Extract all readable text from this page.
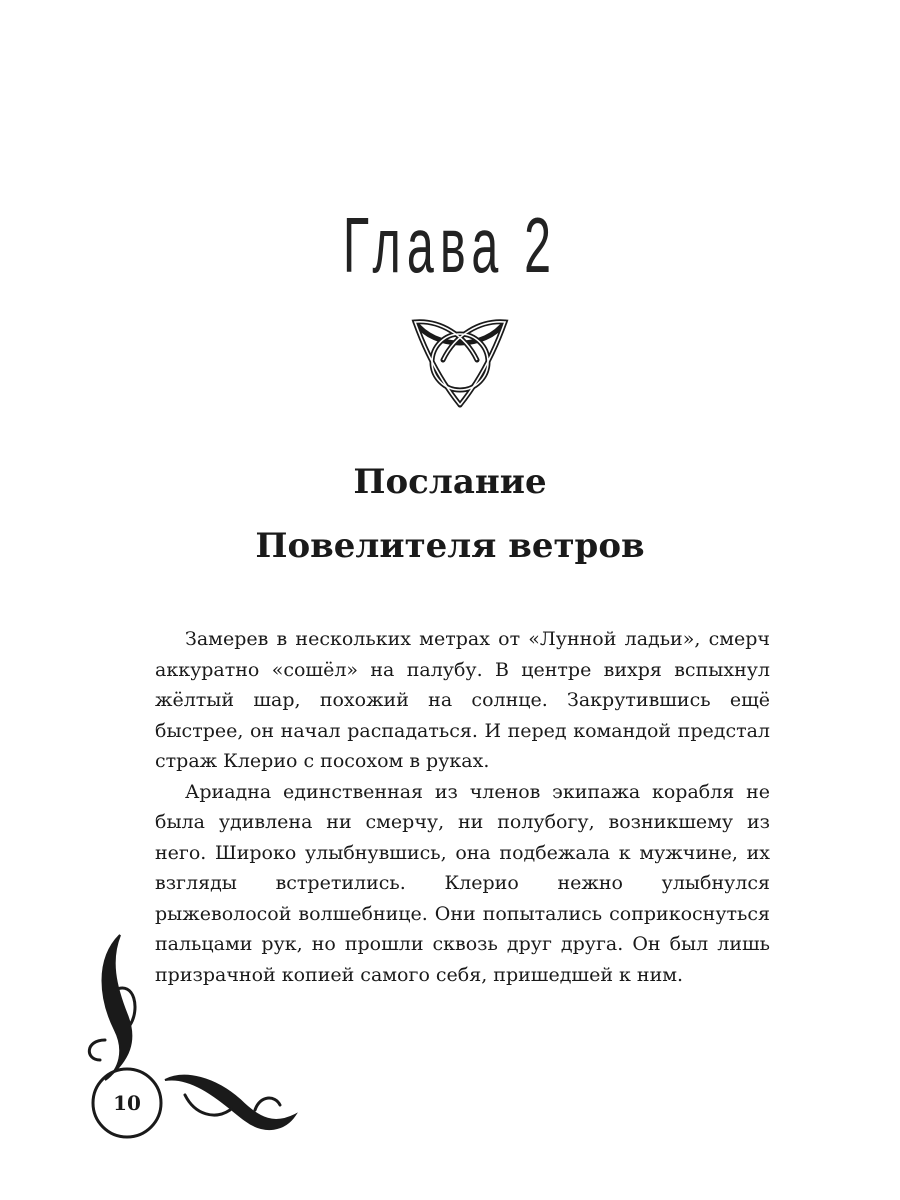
Глава 2
Послание
Повелителя ветров

Замерев в нескольких метрах от «Лунной ладьи», смерч аккуратно «сошёл» на палубу. В центре вихря вспыхнул жёлтый шар, похожий на солнце. Закрутившись ещё быстрее, он начал распадаться. И перед командой предстал страж Клерио с посохом в руках.

Ариадна единственная из членов экипажа корабля не была удивлена ни смерчу, ни полубогу, возникшему из него. Широко улыбнувшись, она подбежала к мужчине, их взгляды встретились. Клерио нежно улыбнулся рыжеволосой волшебнице. Они попытались соприкоснуться пальцами рук, но прошли сквозь друг друга. Он был лишь призрачной копией самого себя, пришедшей к ним.

10
